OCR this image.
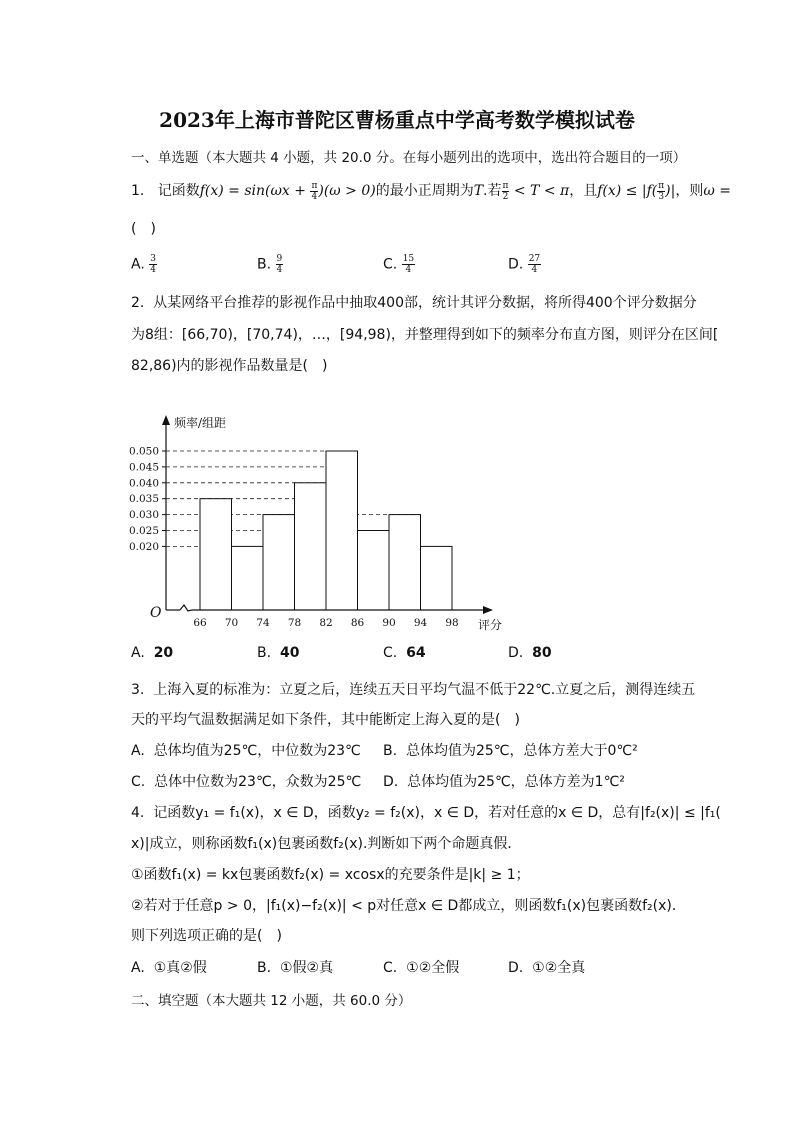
2023年上海市普陀区曹杨重点中学高考数学模拟试卷
一、单选题（本大题共 4 小题，共 20.0 分。在每小题列出的选项中，选出符合题目的一项）
1. 记函数$f(x) = \sin(\omega x + \frac{\pi}{4} )(\omega > 0)$的最小正周期为T.若 $\frac{\pi}{2} < T < \pi$，且$f(x) \le |f( \frac{\pi}{3}$ )|，则ω =
(　)
A. $\frac{3}{4}$	B. $\frac{9}{4}$	C. $\frac{15}{4}$	D. $\frac{27}{4}$
2. 从某网络平台推荐的影视作品中抽取400部，统计其评分数据，将所得400个评分数据分
为8组：[66,70)，[70,74)，…，[94,98)，并整理得到如下的频率分布直方图，则评分在区间[
82,86)内的影视作品数量是(　)
0.020
0.025
0.030
0.035
0.040
0.045
0.050
频率/组距
评分
O
66 70 74 78 82 86 90 94 98
A. 20	B. 40	C. 64	D. 80
3. 上海入夏的标准为：立夏之后，连续五天日平均气温不低于22℃.立夏之后，测得连续五
天的平均气温数据满足如下条件，其中能断定上海入夏的是(　)
A. 总体均值为25℃，中位数为23℃ B. 总体均值为25℃，总体方差大于0℃²
C. 总体中位数为23℃，众数为25℃ D. 总体均值为25℃，总体方差为1℃²
4. 记函数y₁ = f₁(x)，x ∈ D，函数y₂ = f₂(x)，x ∈ D，若对任意的x ∈ D，总有|f₂(x)| ≤ |f₁(
x)|成立，则称函数f₁(x)包裹函数f₂(x).判断如下两个命题真假．
①函数f₁(x) = kx包裹函数f₂(x) = xcosx的充要条件是|k| ≥ 1；
②若对于任意p > 0，|f₁(x)−f₂(x)| < p对任意x ∈ D都成立，则函数f₁(x)包裹函数f₂(x)．
则下列选项正确的是(　)
A. ①真②假	B. ①假②真	C. ①②全假	D. ①②全真
二、填空题（本大题共 12 小题，共 60.0 分）
